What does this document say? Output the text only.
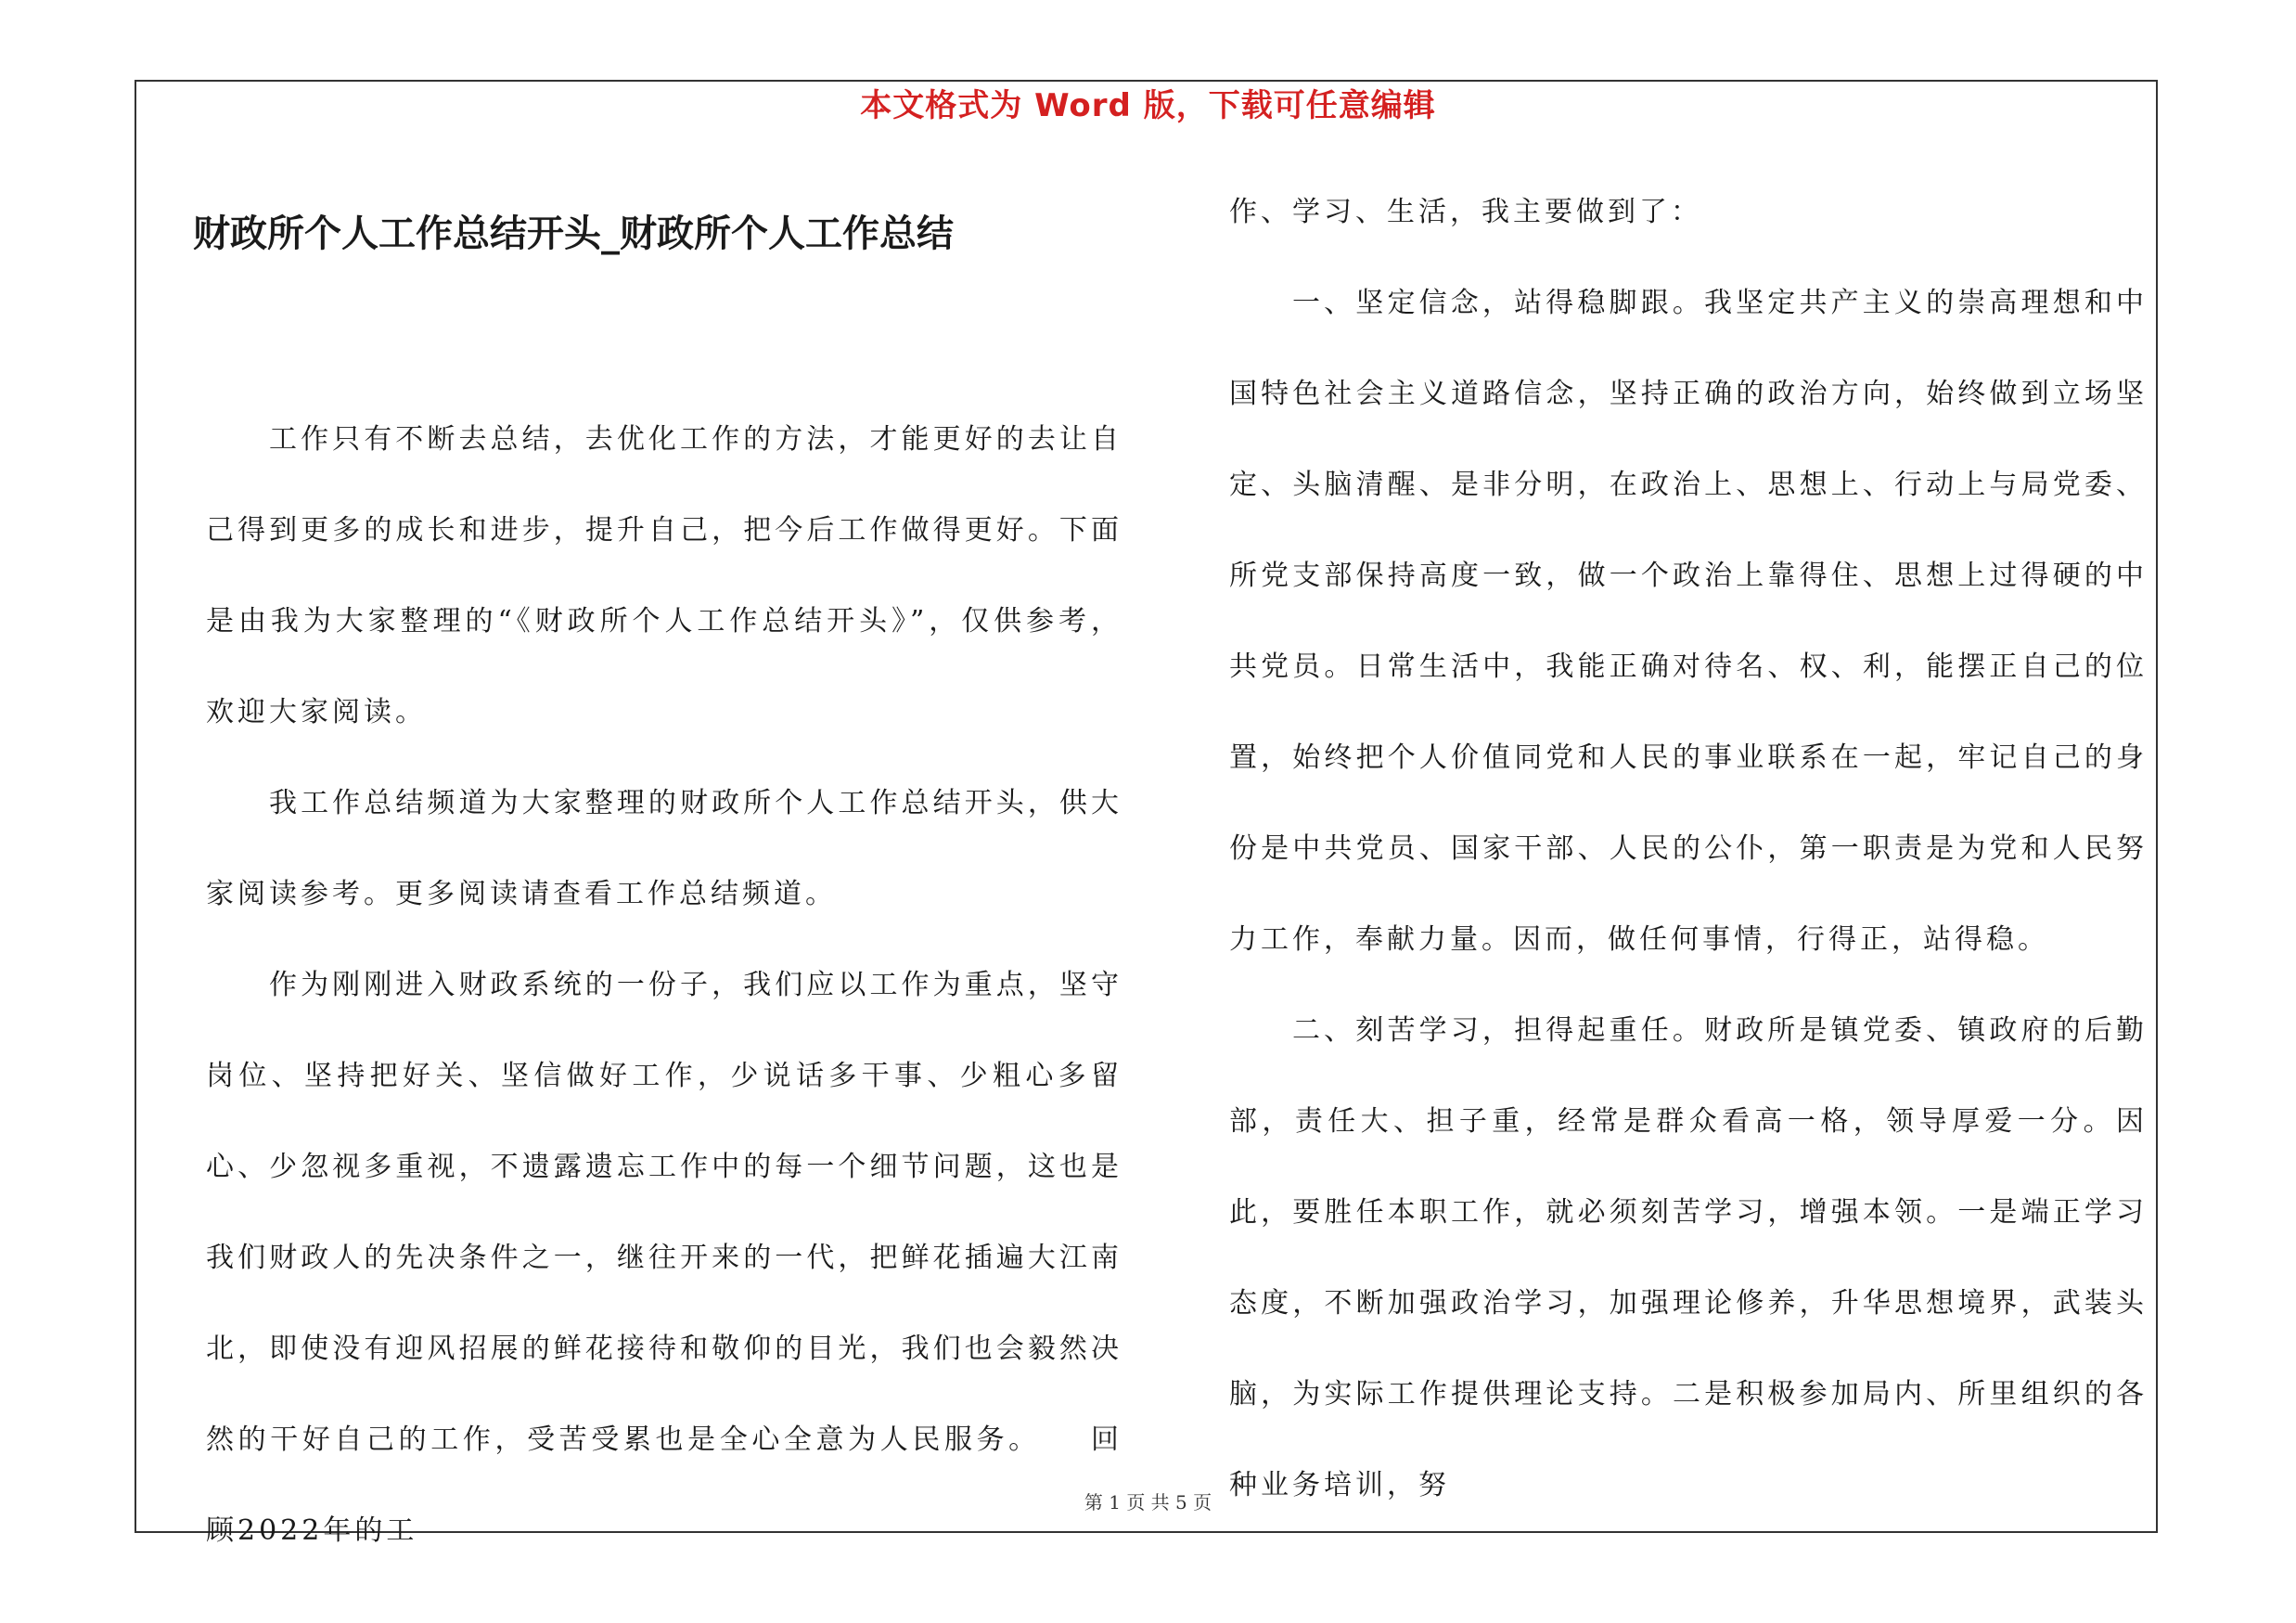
本文格式为 Word 版，下载可任意编辑
财政所个人工作总结开头_财政所个人工作总结

工作只有不断去总结，去优化工作的方法，才能更好的去让自己得到更多的成长和进步，提升自己，把今后工作做得更好。下面是由我为大家整理的“《财政所个人工作总结开头》”，仅供参考，欢迎大家阅读。

我工作总结频道为大家整理的财政所个人工作总结开头，供大家阅读参考。更多阅读请查看工作总结频道。

作为刚刚进入财政系统的一份子，我们应以工作为重点，坚守岗位、坚持把好关、坚信做好工作，少说话多干事、少粗心多留心、少忽视多重视，不遗露遗忘工作中的每一个细节问题，这也是我们财政人的先决条件之一，继往开来的一代，把鲜花插遍大江南北，即使没有迎风招展的鲜花接待和敬仰的目光，我们也会毅然决然的干好自己的工作，受苦受累也是全心全意为人民服务。　　回顾2022年的工

作、学习、生活，我主要做到了：

一、坚定信念，站得稳脚跟。我坚定共产主义的崇高理想和中国特色社会主义道路信念，坚持正确的政治方向，始终做到立场坚定、头脑清醒、是非分明，在政治上、思想上、行动上与局党委、所党支部保持高度一致，做一个政治上靠得住、思想上过得硬的中共党员。日常生活中，我能正确对待名、权、利，能摆正自己的位置，始终把个人价值同党和人民的事业联系在一起，牢记自己的身份是中共党员、国家干部、人民的公仆，第一职责是为党和人民努力工作，奉献力量。因而，做任何事情，行得正，站得稳。

二、刻苦学习，担得起重任。财政所是镇党委、镇政府的后勤部，责任大、担子重，经常是群众看高一格，领导厚爱一分。因此，要胜任本职工作，就必须刻苦学习，增强本领。一是端正学习态度，不断加强政治学习，加强理论修养，升华思想境界，武装头脑，为实际工作提供理论支持。二是积极参加局内、所里组织的各种业务培训，努

第 1 页 共 5 页
